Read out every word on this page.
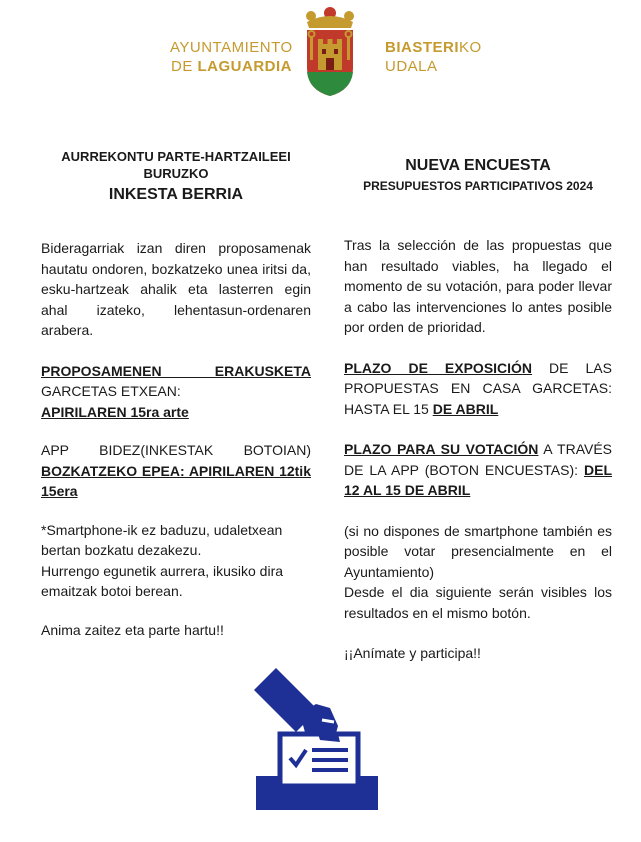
AYUNTAMIENTO
DE LAGUARDIA
BIASTERIKO
UDALA
AURREKONTU PARTE-HARTZAILEEI
BURUZKO
INKESTA BERRIA

Bideragarriak izan diren proposamenak hautatu ondoren, bozkatzeko unea iritsi da, esku-hartzeak ahalik eta lasterren egin ahal izateko, lehentasun-ordenaren arabera.

PROPOSAMENEN ERAKUSKETA
GARCETAS ETXEAN:
APIRILAREN 15ra arte
APP BIDEZ(INKESTAK BOTOIAN)

BOZKATZEKO EPEA: APIRILAREN 12tik 15era

*Smartphone-ik ez baduzu, udaletxean bertan bozkatu dezakezu.

Hurrengo egunetik aurrera, ikusiko dira emaitzak botoi berean.

Anima zaitez eta parte hartu!!

NUEVA ENCUESTA
PRESUPUESTOS PARTICIPATIVOS 2024

Tras la selección de las propuestas que han resultado viables, ha llegado el momento de su votación, para poder llevar a cabo las intervenciones lo antes posible por orden de prioridad.

PLAZO DE EXPOSICIÓN DE LAS PROPUESTAS EN CASA GARCETAS: HASTA EL 15 DE ABRIL

PLAZO PARA SU VOTACIÓN A TRAVÉS DE LA APP (BOTON ENCUESTAS): DEL 12 AL 15 DE ABRIL

(si no dispones de smartphone también es posible votar presencialmente en el Ayuntamiento)

Desde el dia siguiente serán visibles los resultados en el mismo botón.

¡¡Anímate y participa!!
